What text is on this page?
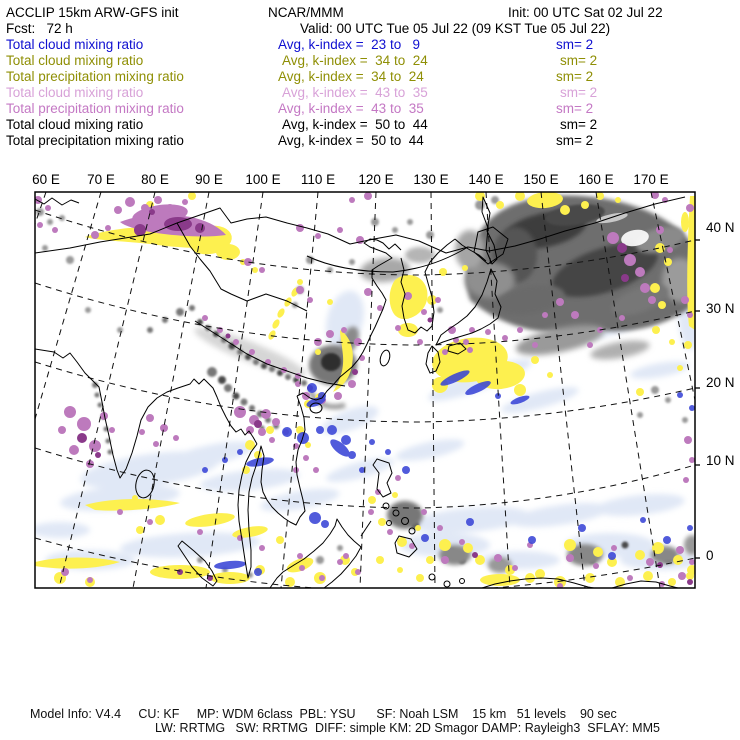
ACCLIP 15km ARW-GFS init	NCAR/MMM	Init: 00 UTC Sat 02 Jul 22
Fcst:   72 h	Valid: 00 UTC Tue 05 Jul 22 (09 KST Tue 05 Jul 22)
Total cloud mixing ratio	Avg, k-index =  23 to   9	sm= 2
Total cloud mixing ratio	Avg, k-index =  34 to  24	sm= 2
Total precipitation mixing ratio	Avg, k-index =  34 to  24	sm= 2
Total cloud mixing ratio	Avg, k-index =  43 to  35	sm= 2
Total precipitation mixing ratio	Avg, k-index =  43 to  35	sm= 2
Total cloud mixing ratio	Avg, k-index =  50 to  44	sm= 2
Total precipitation mixing ratio	Avg, k-index =  50 to  44	sm= 2
60 E 70 E 80 E 90 E 100 E 110 E 120 E 130 E 140 E 150 E 160 E 170 E
40 N
30 N
20 N
10 N
0
Model Info: V4.4     CU: KF     MP: WDM 6class  PBL: YSU      SF: Noah LSM    15 km   51 levels    90 sec
LW: RRTMG   SW: RRTMG  DIFF: simple KM: 2D Smagor DAMP: Rayleigh3  SFLAY: MM5
